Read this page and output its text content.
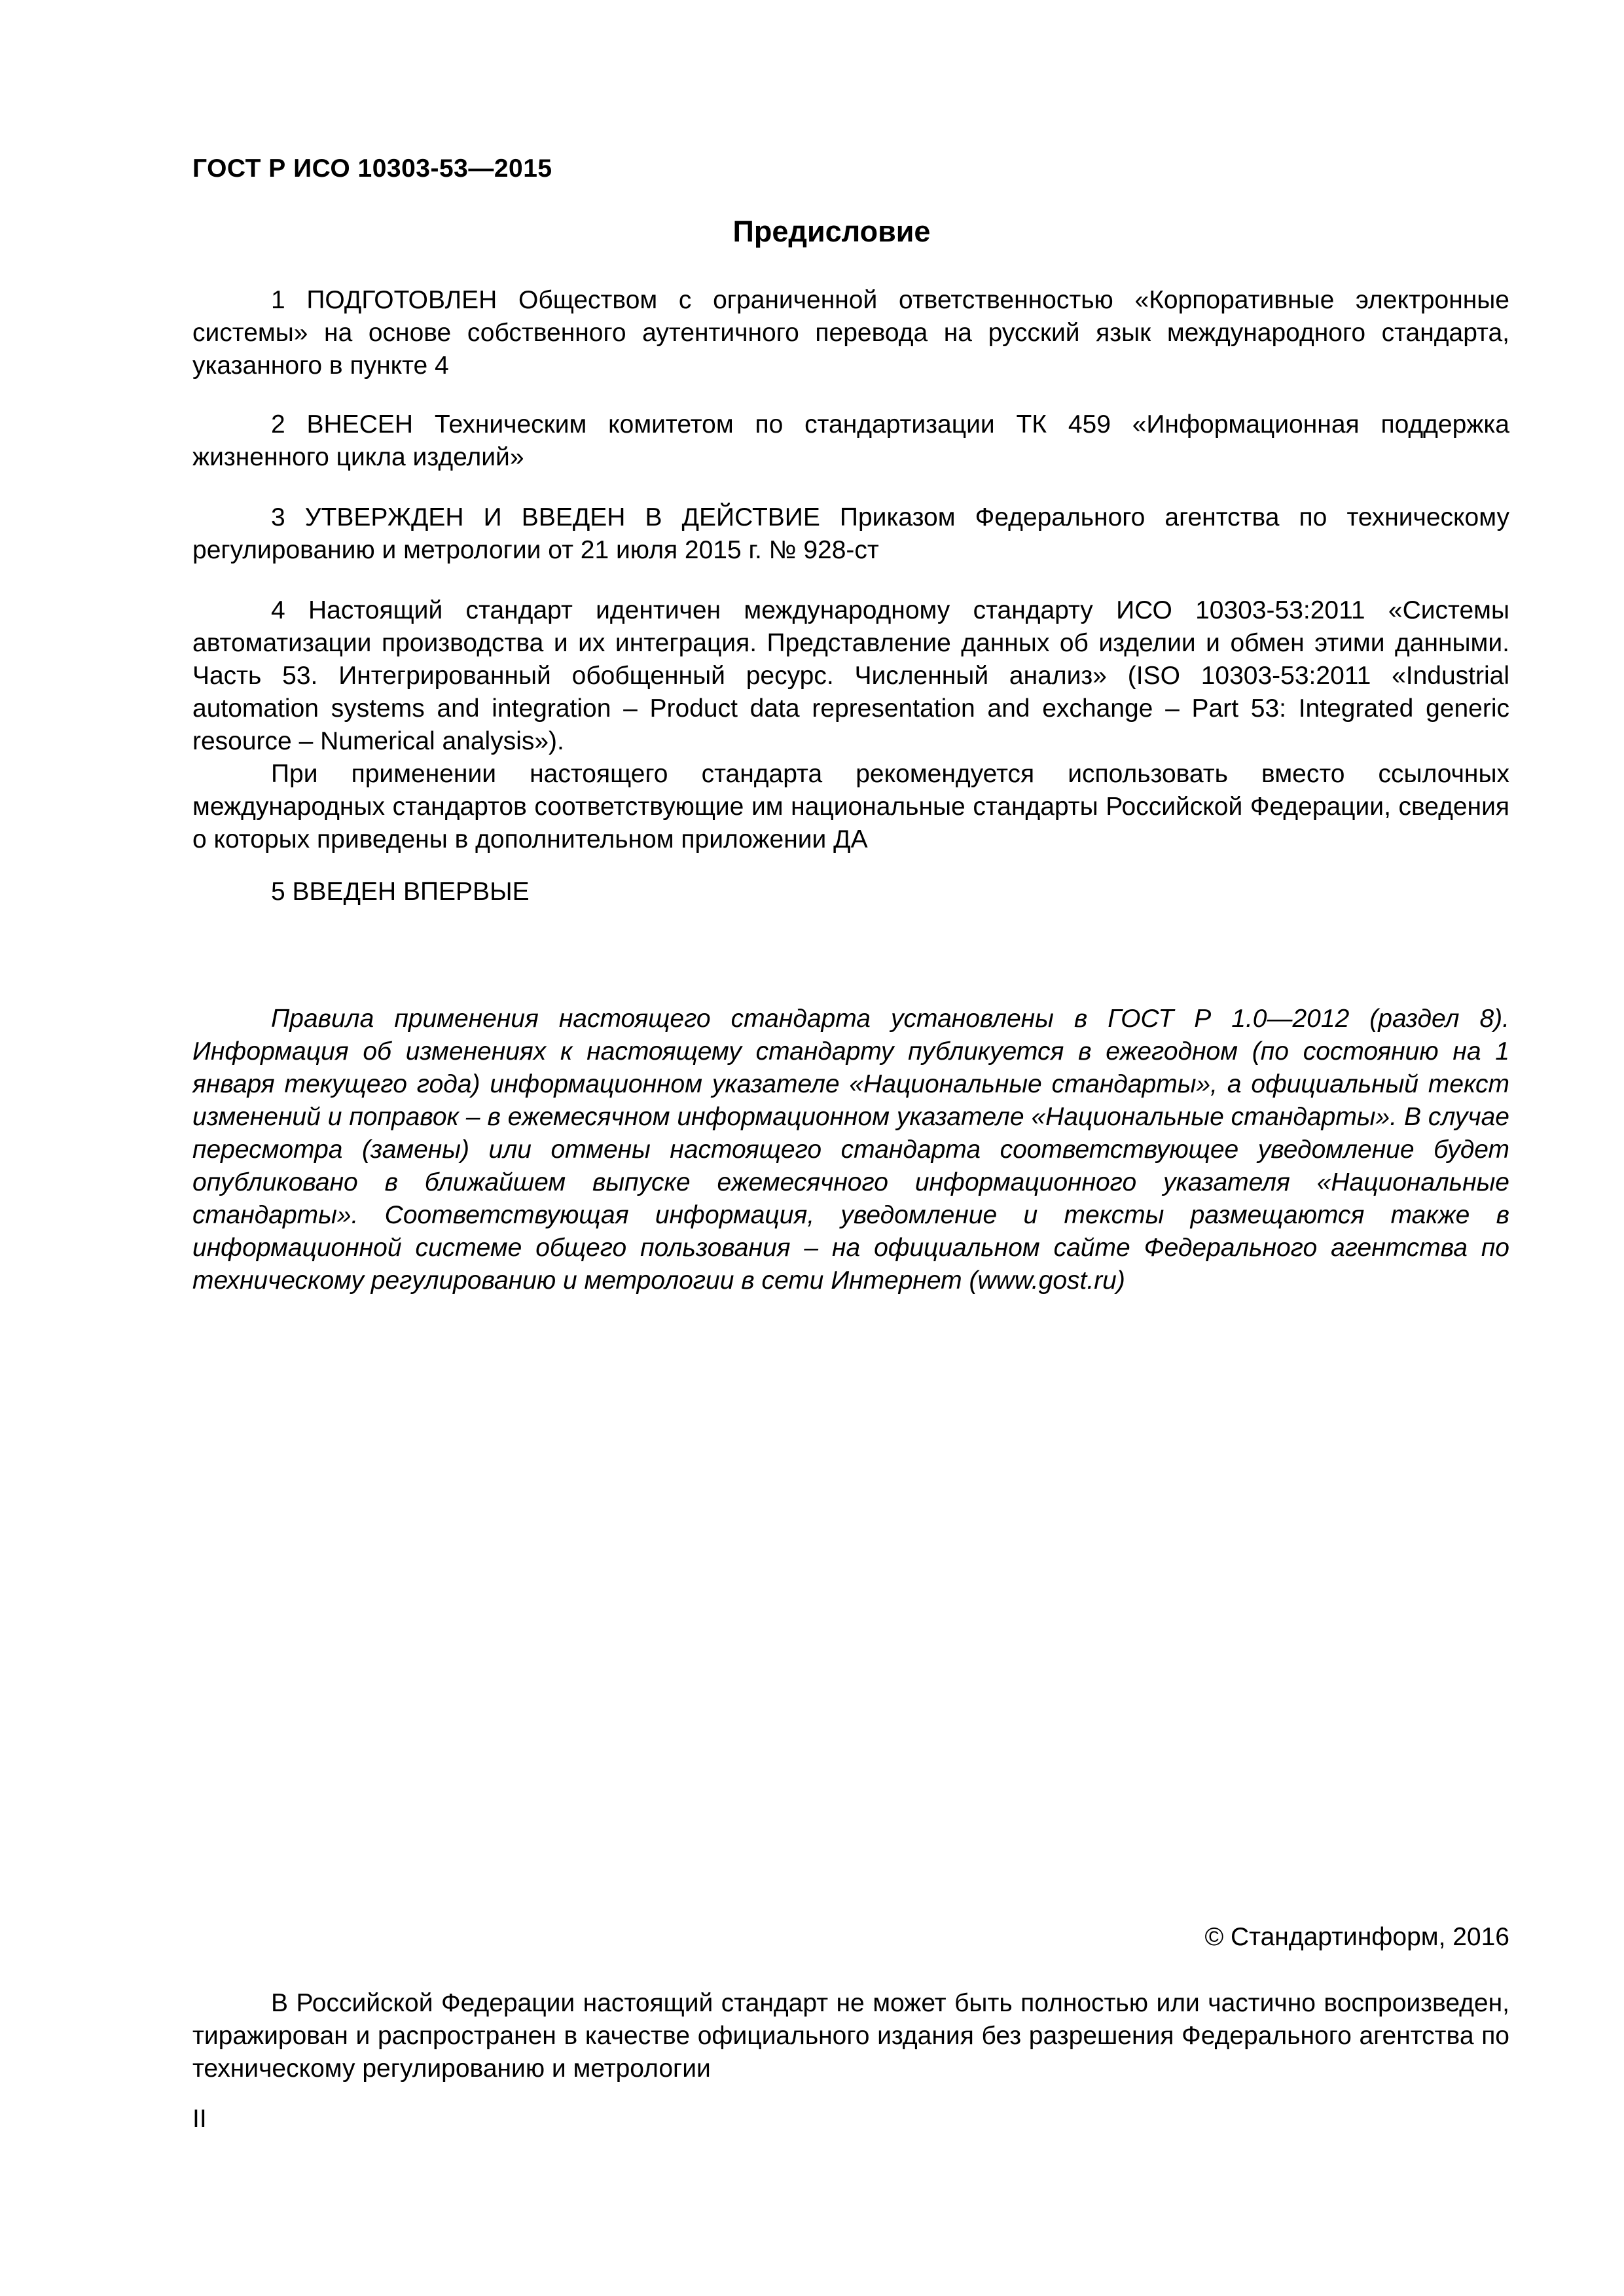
ГОСТ Р ИСО 10303-53—2015
Предисловие

1 ПОДГОТОВЛЕН Обществом с ограниченной ответственностью «Корпоративные электронные системы» на основе собственного аутентичного перевода на русский язык международного стандарта, указанного в пункте 4

2 ВНЕСЕН Техническим комитетом по стандартизации ТК 459 «Информационная поддержка жизненного цикла изделий»

3 УТВЕРЖДЕН И ВВЕДЕН В ДЕЙСТВИЕ Приказом Федерального агентства по техническому регулированию и метрологии от 21 июля 2015 г. № 928-ст

4 Настоящий стандарт идентичен международному стандарту ИСО 10303-53:2011 «Системы автоматизации производства и их интеграция. Представление данных об изделии и обмен этими данными. Часть 53. Интегрированный обобщенный ресурс. Численный анализ» (ISO 10303-53:2011 «Industrial automation systems and integration – Product data representation and exchange – Part 53: Integrated generic resource – Numerical analysis»).

При применении настоящего стандарта рекомендуется использовать вместо ссылочных международных стандартов соответствующие им национальные стандарты Российской Федерации, сведения о которых приведены в дополнительном приложении ДА

5 ВВЕДЕН ВПЕРВЫЕ

Правила применения настоящего стандарта установлены в ГОСТ Р 1.0—2012 (раздел 8). Информация об изменениях к настоящему стандарту публикуется в ежегодном (по состоянию на 1 января текущего года) информационном указателе «Национальные стандарты», а официальный текст изменений и поправок – в ежемесячном информационном указателе «Национальные стандарты». В случае пересмотра (замены) или отмены настоящего стандарта соответствующее уведомление будет опубликовано в ближайшем выпуске ежемесячного информационного указателя «Национальные стандарты». Соответствующая информация, уведомление и тексты размещаются также в информационной системе общего пользования – на официальном сайте Федерального агентства по техническому регулированию и метрологии в сети Интернет (www.gost.ru)

© Стандартинформ, 2016

В Российской Федерации настоящий стандарт не может быть полностью или частично воспроизведен, тиражирован и распространен в качестве официального издания без разрешения Федерального агентства по техническому регулированию и метрологии

II
